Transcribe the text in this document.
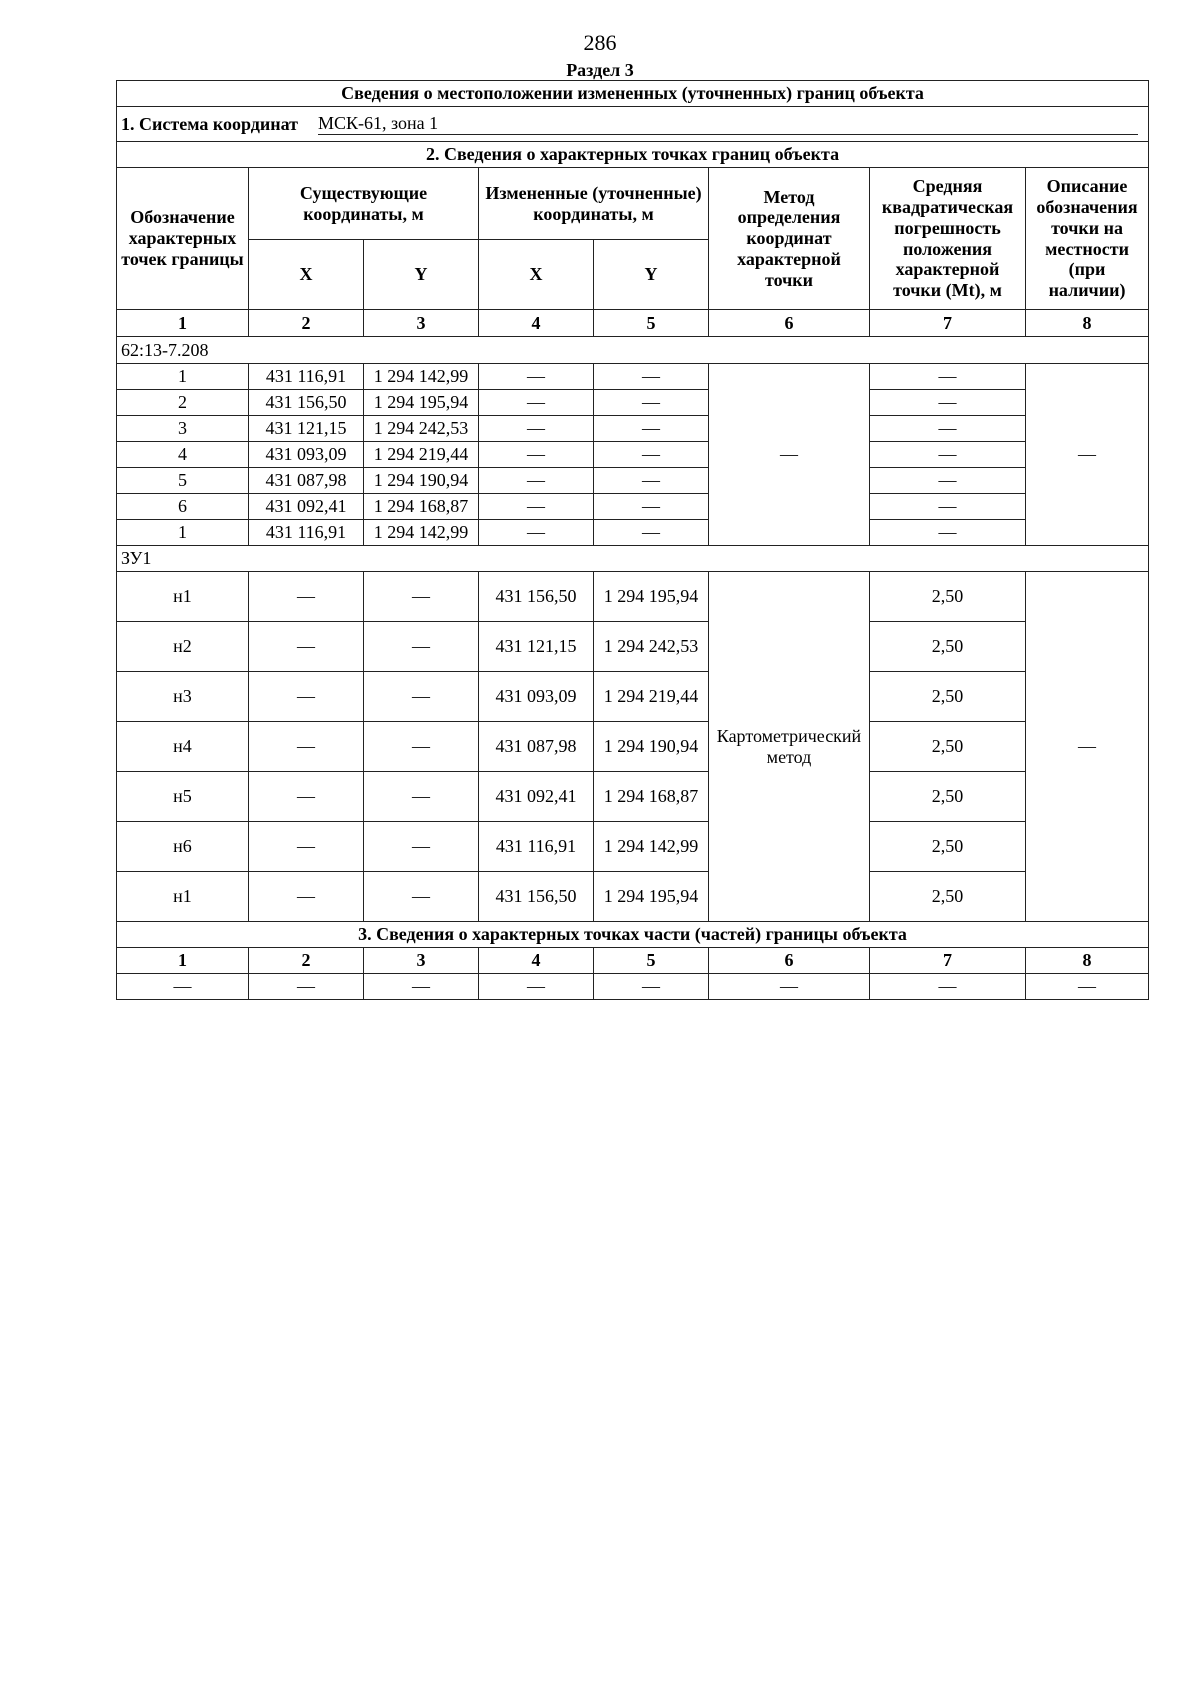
286
Раздел 3
Сведения о местоположении измененных (уточненных) границ объекта							

1. Система координат МСК-61, зона 1							

2. Сведения о характерных точках границ объекта							
Обозначение характерных точек границы	Существующие координаты, м		Измененные (уточненные) координаты, м		Метод определения координат характерной точки	Средняя квадратическая погрешность положения характерной точки (Mt), м	Описание обозначения точки на местности (при наличии)
	X	Y	X	Y			
1	2	3	4	5	6	7	8
62:13-7.208							
1	431 116,91	1 294 142,99	—	—	—	—	—
2	431 156,50	1 294 195,94	—	—		—	
3	431 121,15	1 294 242,53	—	—		—	
4	431 093,09	1 294 219,44	—	—		—	
5	431 087,98	1 294 190,94	—	—		—	
6	431 092,41	1 294 168,87	—	—		—	
1	431 116,91	1 294 142,99	—	—		—	
ЗУ1							
н1	—	—	431 156,50	1 294 195,94	Картометрический метод	2,50	—
н2	—	—	431 121,15	1 294 242,53		2,50	
н3	—	—	431 093,09	1 294 219,44		2,50	
н4	—	—	431 087,98	1 294 190,94		2,50	
н5	—	—	431 092,41	1 294 168,87		2,50	
н6	—	—	431 116,91	1 294 142,99		2,50	
н1	—	—	431 156,50	1 294 195,94		2,50	
3. Сведения о характерных точках части (частей) границы объекта							
1	2	3	4	5	6	7	8
—	—	—	—	—	—	—	—
